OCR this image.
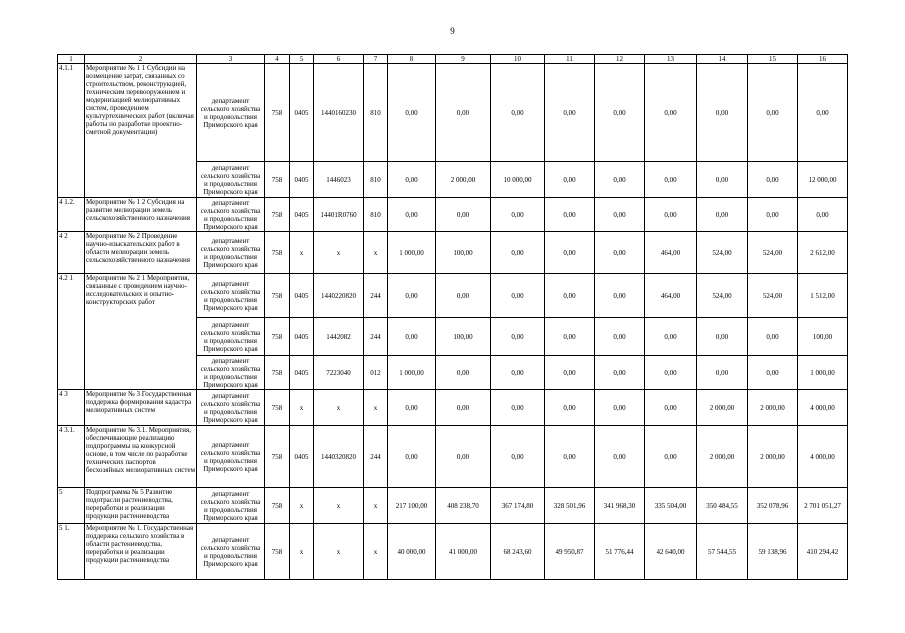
9
1	2	3	4	5	6	7	8	9	10	11	12	13	14	15	16
4.1.1	Мероприятие № 1 1 Субсидии на возмещение затрат, связанных со строительством, реконструкцией, техническим перевооружением и модернизацией мелиоративных систем, проведением культуртехнических работ (включая работы по разработке проектно-сметной документации)	департамент сельского хозяйства и продовольствия Приморского края	758	0405	1440160230	810	0,00	0,00	0,00	0,00	0,00	0,00	0,00	0,00	0,00
		департамент сельского хозяйства и продовольствия Приморского края	758	0405	1446023	810	0,00	2 000,00	10 000,00	0,00	0,00	0,00	0,00	0,00	12 000,00
4 1.2.	Мероприятие № 1 2 Субсидия на развитие мелиорации земель сельскохозяйственного назначения	департамент сельского хозяйства и продовольствия Приморского края	758	0405	14401R0760	810	0,00	0,00	0,00	0,00	0,00	0,00	0,00	0,00	0,00
4 2	Мероприятие № 2 Проведение научно-изыскательских работ в области мелиорации земель сельскохозяйственного назначения	департамент сельского хозяйства и продовольствия Приморского края	758	х	х	х	1 000,00	100,00	0,00	0,00	0,00	464,00	524,00	524,00	2 612,00
4.2 1	Мероприятие № 2 1 Мероприятия, связанные с проведением научно-исследовательских и опытно-конструкторских работ	департамент сельского хозяйства и продовольствия Приморского края	758	0405	1440220820	244	0,00	0,00	0,00	0,00	0,00	464,00	524,00	524,00	1 512,00
		департамент сельского хозяйства и продовольствия Приморского края	758	0405	1442082	244	0,00	100,00	0,00	0,00	0,00	0,00	0,00	0,00	100,00
		департамент сельского хозяйства и продовольствия Приморского края	758	0405	7223040	012	1 000,00	0,00	0,00	0,00	0,00	0,00	0,00	0,00	1 000,00
4 3	Мероприятие № 3 Государственная поддержка формирования кадастра мелиоративных систем	департамент сельского хозяйства и продовольствия Приморского края	758	х	х	х	0,00	0,00	0,00	0,00	0,00	0,00	2 000,00	2 000,00	4 000,00
4 3.1.	Мероприятие № 3.1. Мероприятия, обеспечивающие реализацию подпрограммы на конкурсной основе, в том числе по разработке технических паспортов бесхозяйных мелиоративных систем	департамент сельского хозяйства и продовольствия Приморского края	758	0405	1440320820	244	0,00	0,00	0,00	0,00	0,00	0,00	2 000,00	2 000,00	4 000,00
5	Подпрограмма № 5 Развитие подотрасли растениеводства, переработки и реализации продукции растениеводства	департамент сельского хозяйства и продовольствия Приморского края	758	х	х	х	217 100,00	408 238,70	367 174,80	328 501,96	341 968,30	335 504,00	350 484,55	352 078,96	2 701 051,27
5 1.	Мероприятие № 1. Государственная поддержка сельского хозяйства в области растениеводства, переработки и реализации продукции растениеводства	департамент сельского хозяйства и продовольствия Приморского края	758	х	х	х	40 000,00	41 000,00	68 243,60	49 950,87	51 776,44	42 640,00	57 544,55	59 138,96	410 294,42
